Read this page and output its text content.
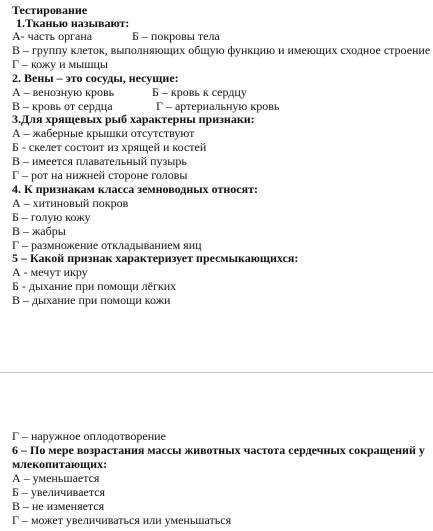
Тестирование
1.Тканью называют:
А- часть органа	Б – покровы тела
В – группу клеток, выполняющих общую функцию и имеющих сходное строение
Г – кожу и мышцы
2. Вены – это сосуды, несущие:
А – венозную кровь	Б – кровь к сердцу
В – кровь от сердца	Г – артериальную кровь
3.Для хрящевых рыб характерны признаки:
А – жаберные крышки отсутствуют
Б - скелет состоит из хрящей и костей
В – имеется плавательный пузырь
Г – рот на нижней стороне головы
4. К признакам класса земноводных относят:
А – хитиновый покров
Б – голую кожу
В – жабры
Г – размножение откладыванием яиц
5 – Какой признак характеризует пресмыкающихся:
А - мечут икру
Б - дыхание при помощи лёгких
В – дыхание при помощи кожи
Г – наружное оплодотворение
6 – По мере возрастания массы животных частота сердечных сокращений у
млекопитающих:
А – уменьшается
Б – увеличивается
В – не изменяется
Г – может увеличиваться или уменьшаться
